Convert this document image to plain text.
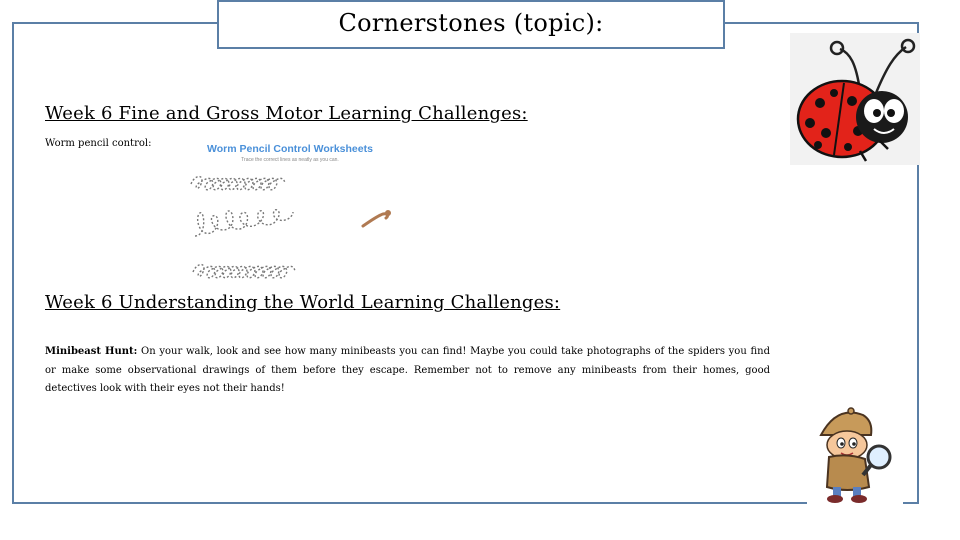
Cornerstones (topic):
Week 6 Fine and Gross Motor Learning Challenges:
Worm pencil control:	Worm Pencil Control Worksheets
Trace the correct lines as neatly as you can.
Week 6 Understanding the World Learning Challenges:
Minibeast Hunt: On your walk, look and see how many minibeasts you can find! Maybe you could take photographs of the spiders you find or make some observational drawings of them before they escape. Remember not to remove any minibeasts from their homes, good detectives look with their eyes not their hands!
